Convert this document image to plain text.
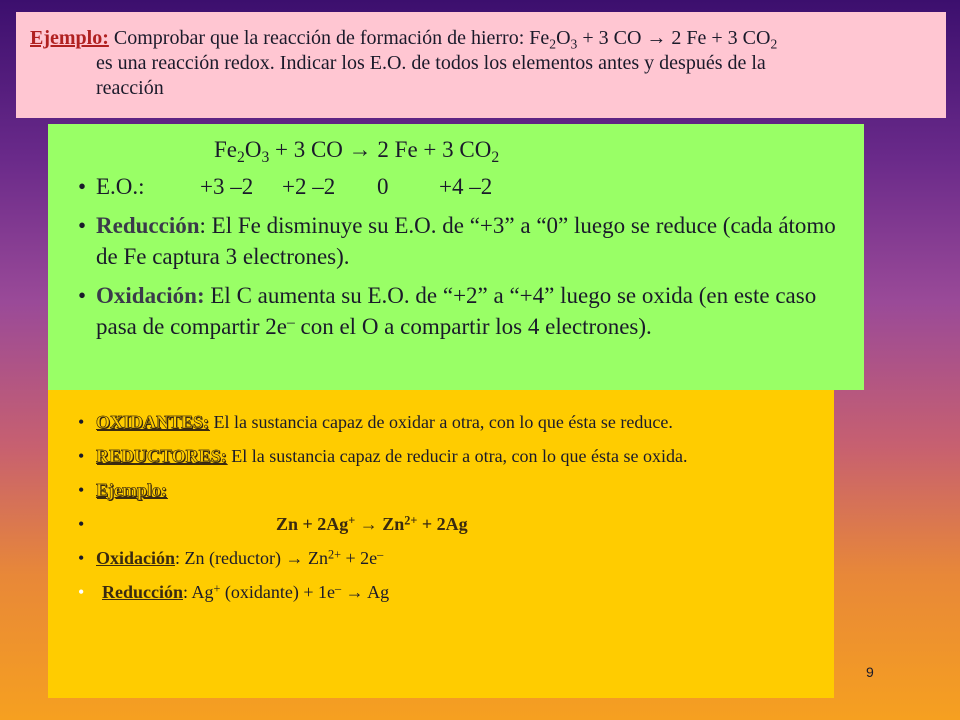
Ejemplo: Comprobar que la reacción de formación de hierro: $Fe_2O_3 + 3$ CO → 2 Fe + 3 $CO_2$
es una reacción redox. Indicar los E.O. de todos los elementos antes y después de la
reacción
$Fe_2O_3 + 3$ CO → 2 Fe + 3 $CO_2$
• E.O.: +3 –2 +2 –2 0 +4 –2
• Reducción: El Fe disminuye su E.O. de “+3” a “0” luego se reduce (cada átomo de Fe captura 3 electrones).
• Oxidación: El C aumenta su E.O. de “+2” a “+4” luego se oxida (en este caso pasa de compartir 2e– con el O a compartir los 4 electrones).
• OXIDANTES: El la sustancia capaz de oxidar a otra, con lo que ésta se reduce.
• REDUCTORES: El la sustancia capaz de reducir a otra, con lo que ésta se oxida.
• Ejemplo:
• $Zn + 2Ag^+ \to Zn^{2+} + 2Ag$
• Oxidación: Zn (reductor) → $Zn^{2+} + 2e^-$
• Reducción: Ag+ (oxidante) + 1e– → Ag
9
